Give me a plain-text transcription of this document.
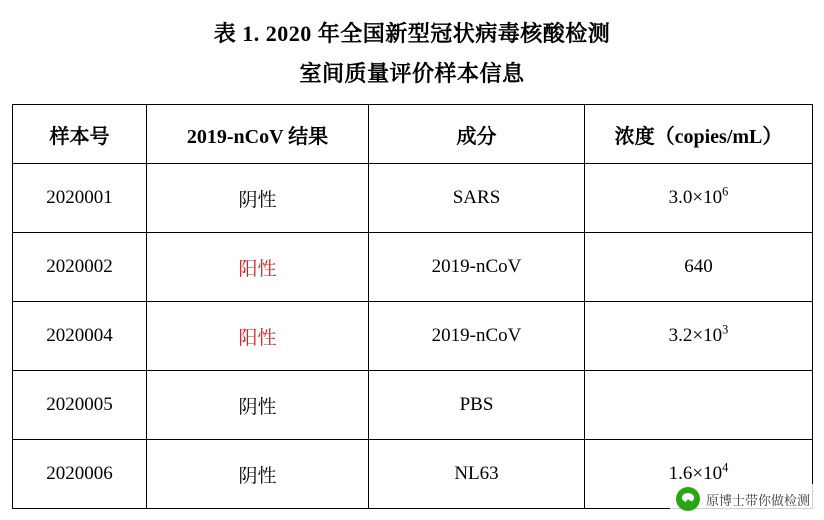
表 1. 2020 年全国新型冠状病毒核酸检测
室间质量评价样本信息
样本号	2019-nCoV 结果	成分	浓度（copies/mL）
2020001	阴性	SARS	$3.0\times 10^6$
2020002	阳性	2019-nCoV	640
2020004	阳性	2019-nCoV	$3.2\times 10^3$
2020005	阴性	PBS	
2020006	阴性	NL63	$1.6\times 10^4$
原博士带你做检测
